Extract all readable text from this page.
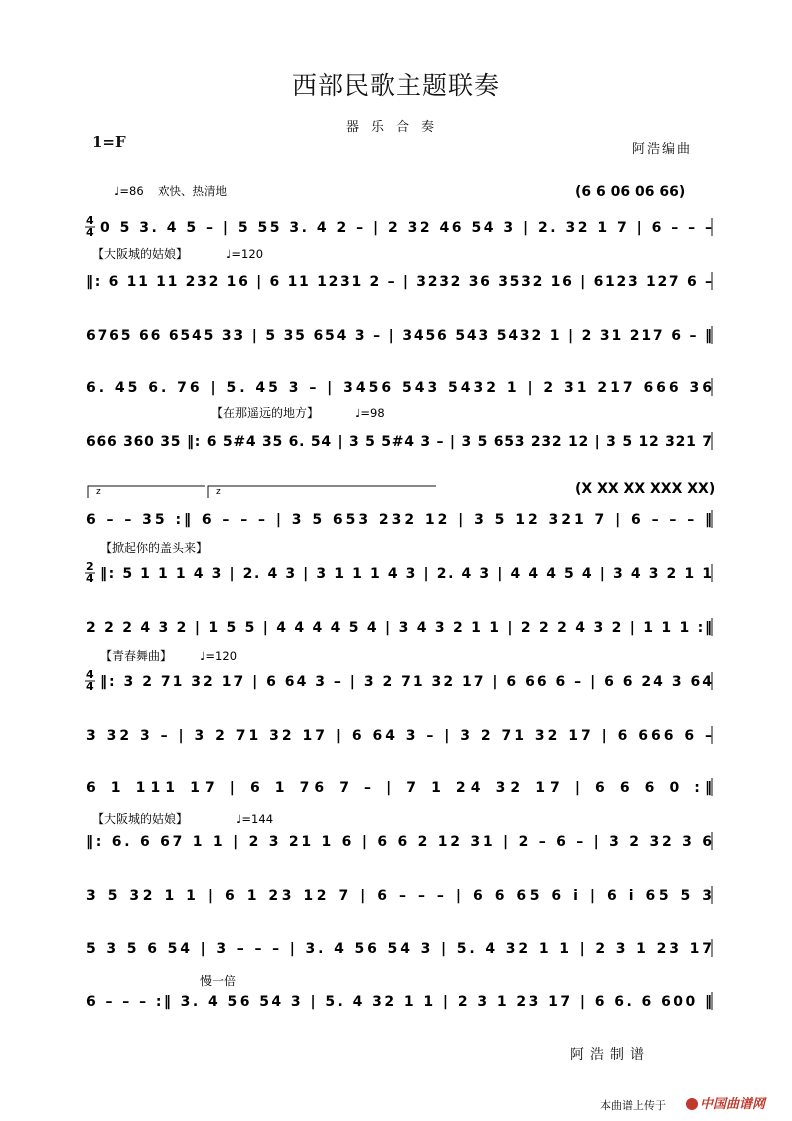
西部民歌主题联奏
器乐合奏
1=F	阿浩编曲
♩=86 欢快、热清地	(6 6 06 06 66)
【大阪城的姑娘】	♩=120
【在那遥远的地方】	♩=98
(X XX XX XXX XX)
【掀起你的盖头来】
【青春舞曲】 ♩=120
【大阪城的姑娘】	♩=144
慢一倍
z	z
4
4 0 5 3. 4 5 – | 5 55 3. 4 2 – | 2 32 46 54 3 | 2. 32 1 7 | 6 – – –
‖: 6 11 11 232 16 | 6 11 1231 2 – | 3232 36 3532 16 | 6123 127 6 –
6765 66 6545 33 | 5 35 654 3 – | 3456 543 5432 1 | 2 31 217 6 – ‖
6. 45 6. 76 | 5. 45 3 – | 3456 543 5432 1 | 2 31 217 666 36
666 360 35 ‖: 6 5#4 35 6. 54 | 3 5 5#4 3 – | 3 5 653 232 12 | 3 5 12 321 7
6 – – 35 :‖ 6 – – – | 3 5 653 232 12 | 3 5 12 321 7 | 6 – – – ‖
2
4 ‖: 5 1 1 1 4 3 | 2. 4 3 | 3 1 1 1 4 3 | 2. 4 3 | 4 4 4 5 4 | 3 4 3 2 1 1
2 2 2 4 3 2 | 1 5 5 | 4 4 4 4 5 4 | 3 4 3 2 1 1 | 2 2 2 4 3 2 | 1 1 1 :‖
4
4 ‖: 3 2 71 32 17 | 6 64 3 – | 3 2 71 32 17 | 6 66 6 – | 6 6 24 3 64
3 32 3 – | 3 2 71 32 17 | 6 64 3 – | 3 2 71 32 17 | 6 666 6 –
6 1 111 17 | 6 1 76 7 – | 7 1 24 32 17 | 6 6 6 0 :‖
‖: 6. 6 67 1 1 | 2 3 21 1 6 | 6 6 2 12 31 | 2 – 6 – | 3 2 32 3 6
3 5 32 1 1 | 6 1 23 12 7 | 6 – – – | 6 6 65 6 i | 6 i 65 5 3
5 3 5 6 54 | 3 – – – | 3. 4 56 54 3 | 5. 4 32 1 1 | 2 3 1 23 17
6 – – – :‖ 3. 4 56 54 3 | 5. 4 32 1 1 | 2 3 1 23 17 | 6 6. 6 600 ‖
阿浩制谱
本曲谱上传于	中国曲谱网
